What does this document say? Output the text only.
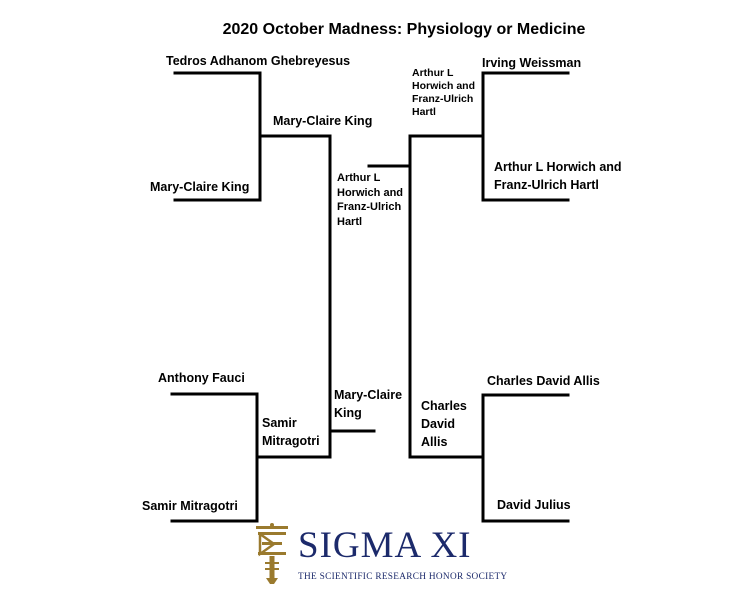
2020 October Madness: Physiology or Medicine
Tedros Adhanom Ghebreyesus
Mary-Claire King
Mary-Claire King
Anthony Fauci
Samir Mitragotri
Samir Mitragotri
Mary-Claire King
Irving Weissman
Arthur L Horwich and Franz-Ulrich Hartl
Arthur L Horwich and Franz-Ulrich Hartl
Charles David Allis
David Julius
Charles David Allis
Arthur L Horwich and Franz-Ulrich Hartl
SIGMA XI
THE SCIENTIFIC RESEARCH HONOR SOCIETY
